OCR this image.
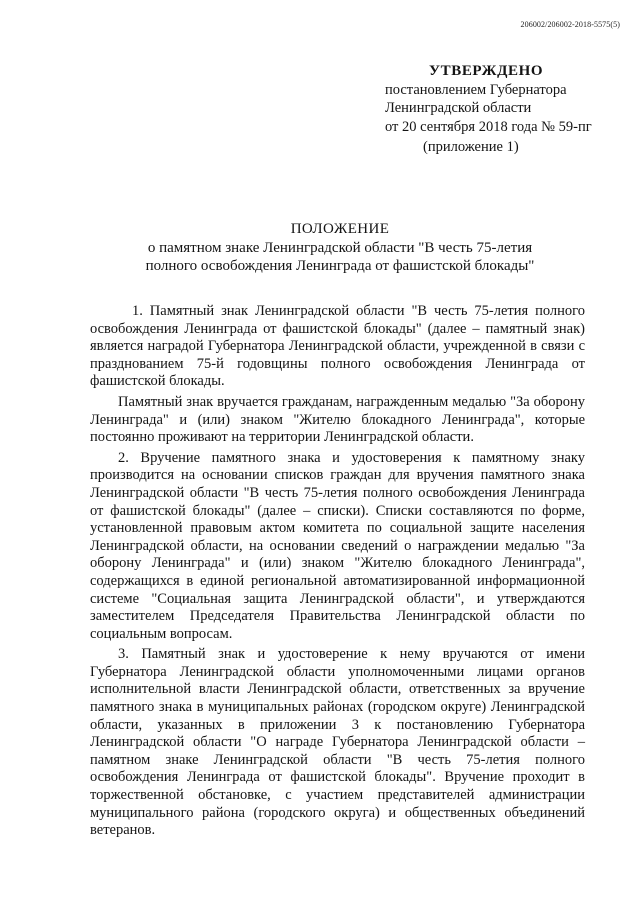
206002/206002-2018-5575(5)
УТВЕРЖДЕНО
постановлением Губернатора
Ленинградской области
от 20 сентября 2018 года № 59-пг
(приложение 1)
ПОЛОЖЕНИЕ
о памятном знаке Ленинградской области "В честь 75-летия
полного освобождения Ленинграда от фашистской блокады"

1. Памятный знак Ленинградской области "В честь 75-летия полного освобождения Ленинграда от фашистской блокады" (далее – памятный знак) является наградой Губернатора Ленинградской области, учрежденной в связи с празднованием 75-й годовщины полного освобождения Ленинграда от фашистской блокады.

Памятный знак вручается гражданам, награжденным медалью "За оборону Ленинграда" и (или) знаком "Жителю блокадного Ленинграда", которые постоянно проживают на территории Ленинградской области.

2. Вручение памятного знака и удостоверения к памятному знаку производится на основании списков граждан для вручения памятного знака Ленинградской области "В честь 75-летия полного освобождения Ленинграда от фашистской блокады" (далее – списки). Списки составляются по форме, установленной правовым актом комитета по социальной защите населения Ленинградской области, на основании сведений о награждении медалью "За оборону Ленинграда" и (или) знаком "Жителю блокадного Ленинграда", содержащихся в единой региональной автоматизированной информационной системе "Социальная защита Ленинградской области", и утверждаются заместителем Председателя Правительства Ленинградской области по социальным вопросам.

3. Памятный знак и удостоверение к нему вручаются от имени Губернатора Ленинградской области уполномоченными лицами органов исполнительной власти Ленинградской области, ответственных за вручение памятного знака в муниципальных районах (городском округе) Ленинградской области, указанных в приложении 3 к постановлению Губернатора Ленинградской области "О награде Губернатора Ленинградской области – памятном знаке Ленинградской области "В честь 75-летия полного освобождения Ленинграда от фашистской блокады". Вручение проходит в торжественной обстановке, с участием представителей администрации муниципального района (городского округа) и общественных объединений ветеранов.
